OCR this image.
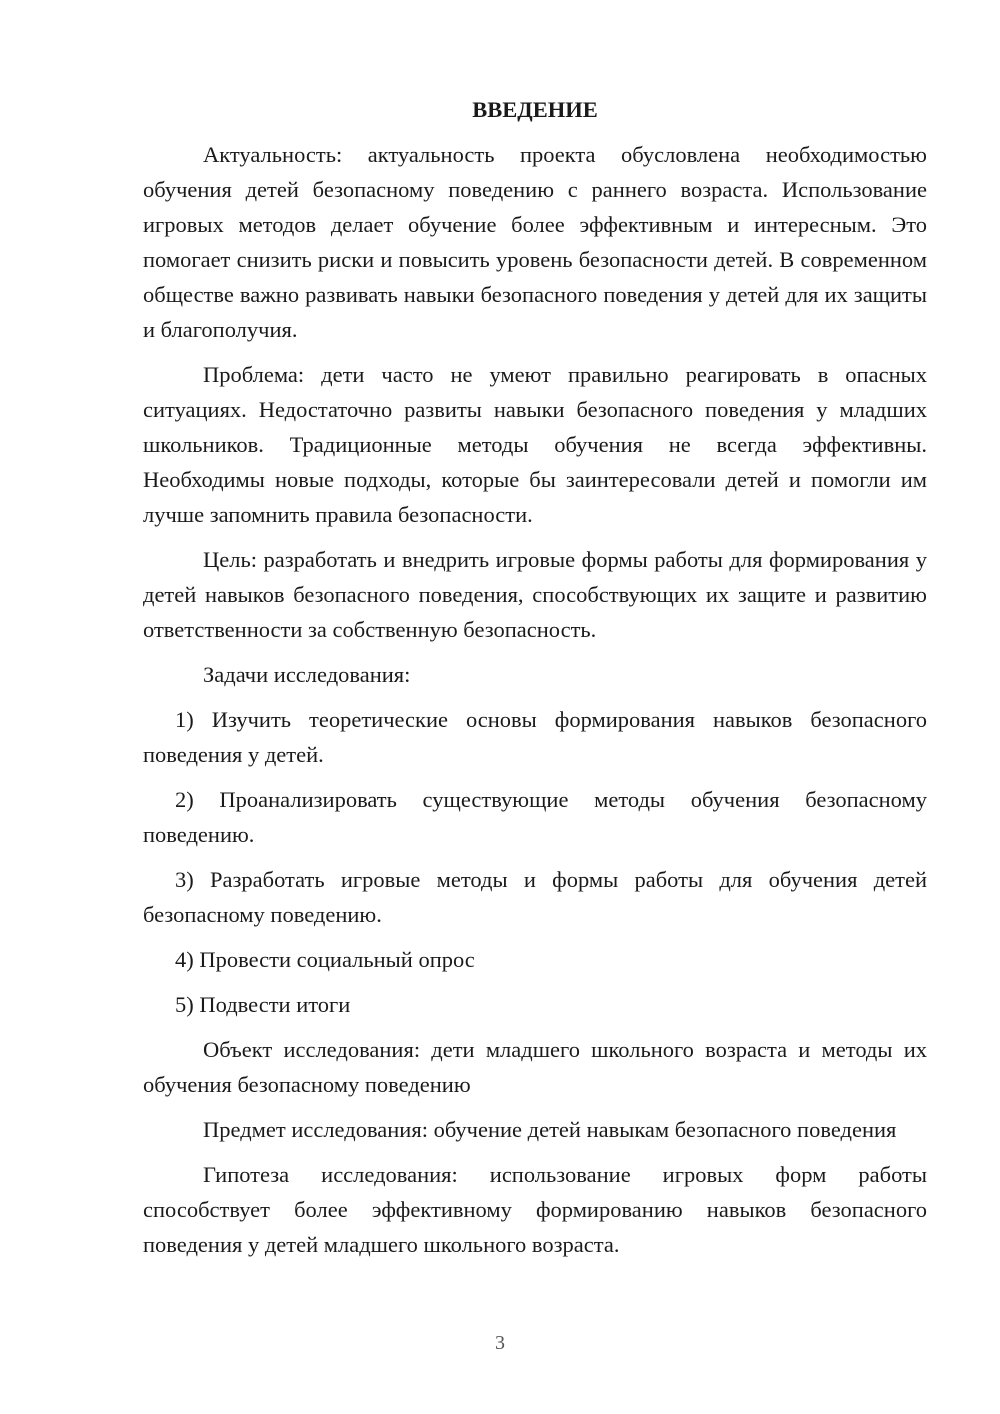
ВВЕДЕНИЕ

Актуальность: актуальность проекта обусловлена необходимостью обучения детей безопасному поведению с раннего возраста. Использование игровых методов делает обучение более эффективным и интересным. Это помогает снизить риски и повысить уровень безопасности детей. В современном обществе важно развивать навыки безопасного поведения у детей для их защиты и благополучия.

Проблема: дети часто не умеют правильно реагировать в опасных ситуациях. Недостаточно развиты навыки безопасного поведения у младших школьников. Традиционные методы обучения не всегда эффективны. Необходимы новые подходы, которые бы заинтересовали детей и помогли им лучше запомнить правила безопасности.

Цель: разработать и внедрить игровые формы работы для формирования у детей навыков безопасного поведения, способствующих их защите и развитию ответственности за собственную безопасность.

Задачи исследования:

1) Изучить теоретические основы формирования навыков безопасного поведения у детей.

2) Проанализировать существующие методы обучения безопасному поведению.

3) Разработать игровые методы и формы работы для обучения детей безопасному поведению.

4) Провести социальный опрос

5) Подвести итоги

Объект исследования: дети младшего школьного возраста и методы их обучения безопасному поведению

Предмет исследования: обучение детей навыкам безопасного поведения

Гипотеза исследования: использование игровых форм работы способствует более эффективному формированию навыков безопасного поведения у детей младшего школьного возраста.

3
